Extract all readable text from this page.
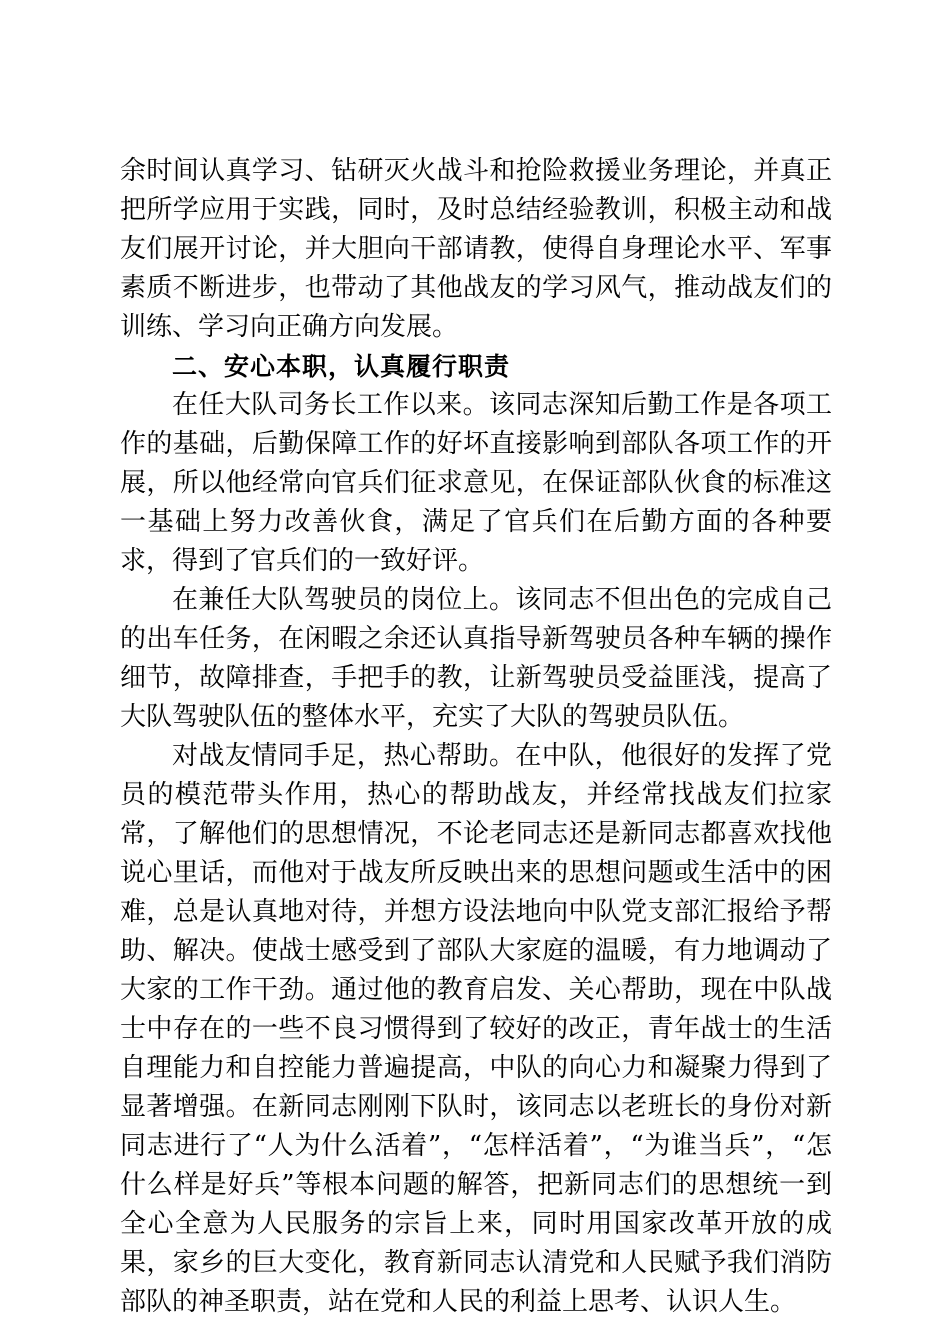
余时间认真学习、钻研灭火战斗和抢险救援业务理论，并真正把所学应用于实践，同时，及时总结经验教训，积极主动和战友们展开讨论，并大胆向干部请教，使得自身理论水平、军事素质不断进步，也带动了其他战友的学习风气，推动战友们的训练、学习向正确方向发展。

二、安心本职，认真履行职责

在任大队司务长工作以来。该同志深知后勤工作是各项工作的基础，后勤保障工作的好坏直接影响到部队各项工作的开展，所以他经常向官兵们征求意见，在保证部队伙食的标准这一基础上努力改善伙食，满足了官兵们在后勤方面的各种要求，得到了官兵们的一致好评。

在兼任大队驾驶员的岗位上。该同志不但出色的完成自己的出车任务，在闲暇之余还认真指导新驾驶员各种车辆的操作细节，故障排查，手把手的教，让新驾驶员受益匪浅，提高了大队驾驶队伍的整体水平，充实了大队的驾驶员队伍。

对战友情同手足，热心帮助。在中队，他很好的发挥了党员的模范带头作用，热心的帮助战友，并经常找战友们拉家常，了解他们的思想情况，不论老同志还是新同志都喜欢找他说心里话，而他对于战友所反映出来的思想问题或生活中的困难，总是认真地对待，并想方设法地向中队党支部汇报给予帮助、解决。使战士感受到了部队大家庭的温暖，有力地调动了大家的工作干劲。通过他的教育启发、关心帮助，现在中队战士中存在的一些不良习惯得到了较好的改正，青年战士的生活自理能力和自控能力普遍提高，中队的向心力和凝聚力得到了显著增强。在新同志刚刚下队时，该同志以老班长的身份对新同志进行了“人为什么活着”，“怎样活着”，“为谁当兵”，“怎什么样是好兵”等根本问题的解答，把新同志们的思想统一到全心全意为人民服务的宗旨上来，同时用国家改革开放的成果，家乡的巨大变化，教育新同志认清党和人民赋予我们消防部队的神圣职责，站在党和人民的利益上思考、认识人生。
